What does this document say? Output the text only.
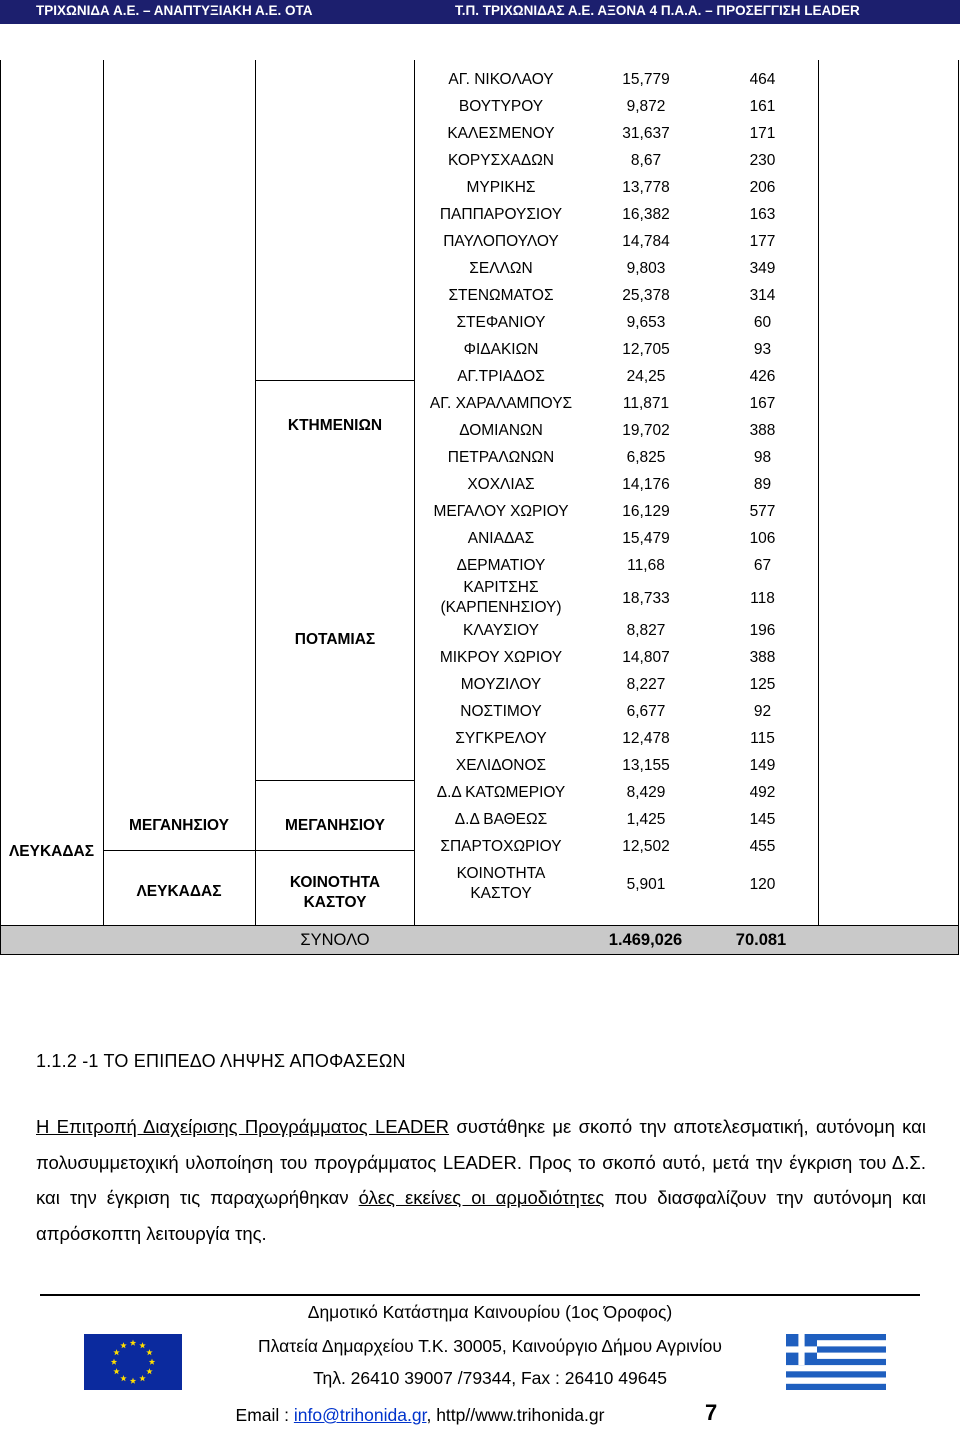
ΤΡΙΧΩΝΙΔΑ Α.Ε. – ΑΝΑΠΤΥΞΙΑΚΗ Α.Ε. ΟΤΑ	Τ.Π. ΤΡΙΧΩΝΙΔΑΣ Α.Ε. ΑΞΟΝΑ 4 Π.Α.Α. – ΠΡΟΣΕΓΓΙΣΗ LEADER
ΛΕΥΚΑΔΑΣ
ΜΕΓΑΝΗΣΙΟΥ
ΛΕΥΚΑΔΑΣ
ΚΤΗΜΕΝΙΩΝ
ΠΟΤΑΜΙΑΣ
ΜΕΓΑΝΗΣΙΟΥ
ΚΟΙΝΟΤΗΤΑ
ΚΑΣΤΟΥ
ΣΥΝΟΛΟ	1.469,026	70.081
ΑΓ. ΝΙΚΟΛΑΟΥ	15,779	464
ΒΟΥΤΥΡΟΥ	9,872	161
ΚΑΛΕΣΜΕΝΟΥ	31,637	171
ΚΟΡΥΣΧΑΔΩΝ	8,67	230
ΜΥΡΙΚΗΣ	13,778	206
ΠΑΠΠΑΡΟΥΣΙΟΥ	16,382	163
ΠΑΥΛΟΠΟΥΛΟΥ	14,784	177
ΣΕΛΛΩΝ	9,803	349
ΣΤΕΝΩΜΑΤΟΣ	25,378	314
ΣΤΕΦΑΝΙΟΥ	9,653	60
ΦΙΔΑΚΙΩΝ	12,705	93
ΑΓ.ΤΡΙΑΔΟΣ	24,25	426
ΑΓ. ΧΑΡΑΛΑΜΠΟΥΣ	11,871	167
ΔΟΜΙΑΝΩΝ	19,702	388
ΠΕΤΡΑΛΩΝΩΝ	6,825	98
ΧΟΧΛΙΑΣ	14,176	89
ΜΕΓΑΛΟΥ ΧΩΡΙΟΥ	16,129	577
ΑΝΙΑΔΑΣ	15,479	106
ΔΕΡΜΑΤΙΟΥ	11,68	67
ΚΑΡΙΤΣΗΣ
(ΚΑΡΠΕΝΗΣΙΟΥ)
18,733	118
ΚΛΑΥΣΙΟΥ	8,827	196
ΜΙΚΡΟΥ ΧΩΡΙΟΥ	14,807	388
ΜΟΥΖΙΛΟΥ	8,227	125
ΝΟΣΤΙΜΟΥ	6,677	92
ΣΥΓΚΡΕΛΟΥ	12,478	115
ΧΕΛΙΔΟΝΟΣ	13,155	149
Δ.Δ ΚΑΤΩΜΕΡΙΟΥ	8,429	492
Δ.Δ ΒΑΘΕΩΣ	1,425	145
ΣΠΑΡΤΟΧΩΡΙΟΥ	12,502	455
ΚΟΙΝΟΤΗΤΑ
ΚΑΣΤΟΥ
5,901	120
1.1.2 -1 ΤΟ ΕΠΙΠΕΔΟ ΛΗΨΗΣ ΑΠΟΦΑΣΕΩΝ
Η Επιτροπή Διαχείρισης Προγράμματος LEADER συστάθηκε με σκοπό την αποτελεσματική, αυτόνομη και πολυσυμμετοχική υλοποίηση του προγράμματος LEADER. Προς το σκοπό αυτό, μετά την έγκριση του Δ.Σ. και την έγκριση τις παραχωρήθηκαν όλες εκείνες οι αρμοδιότητες που διασφαλίζουν την αυτόνομη και απρόσκοπτη λειτουργία της.
Δημοτικό Κατάστημα Καινουρίου (1ος Όροφος)
Πλατεία Δημαρχείου Τ.Κ. 30005, Καινούργιο Δήμου Αγρινίου
Τηλ. 26410 39007 /79344, Fax : 26410 49645
Email : info@trihonida.gr, http//www.trihonida.gr	7
